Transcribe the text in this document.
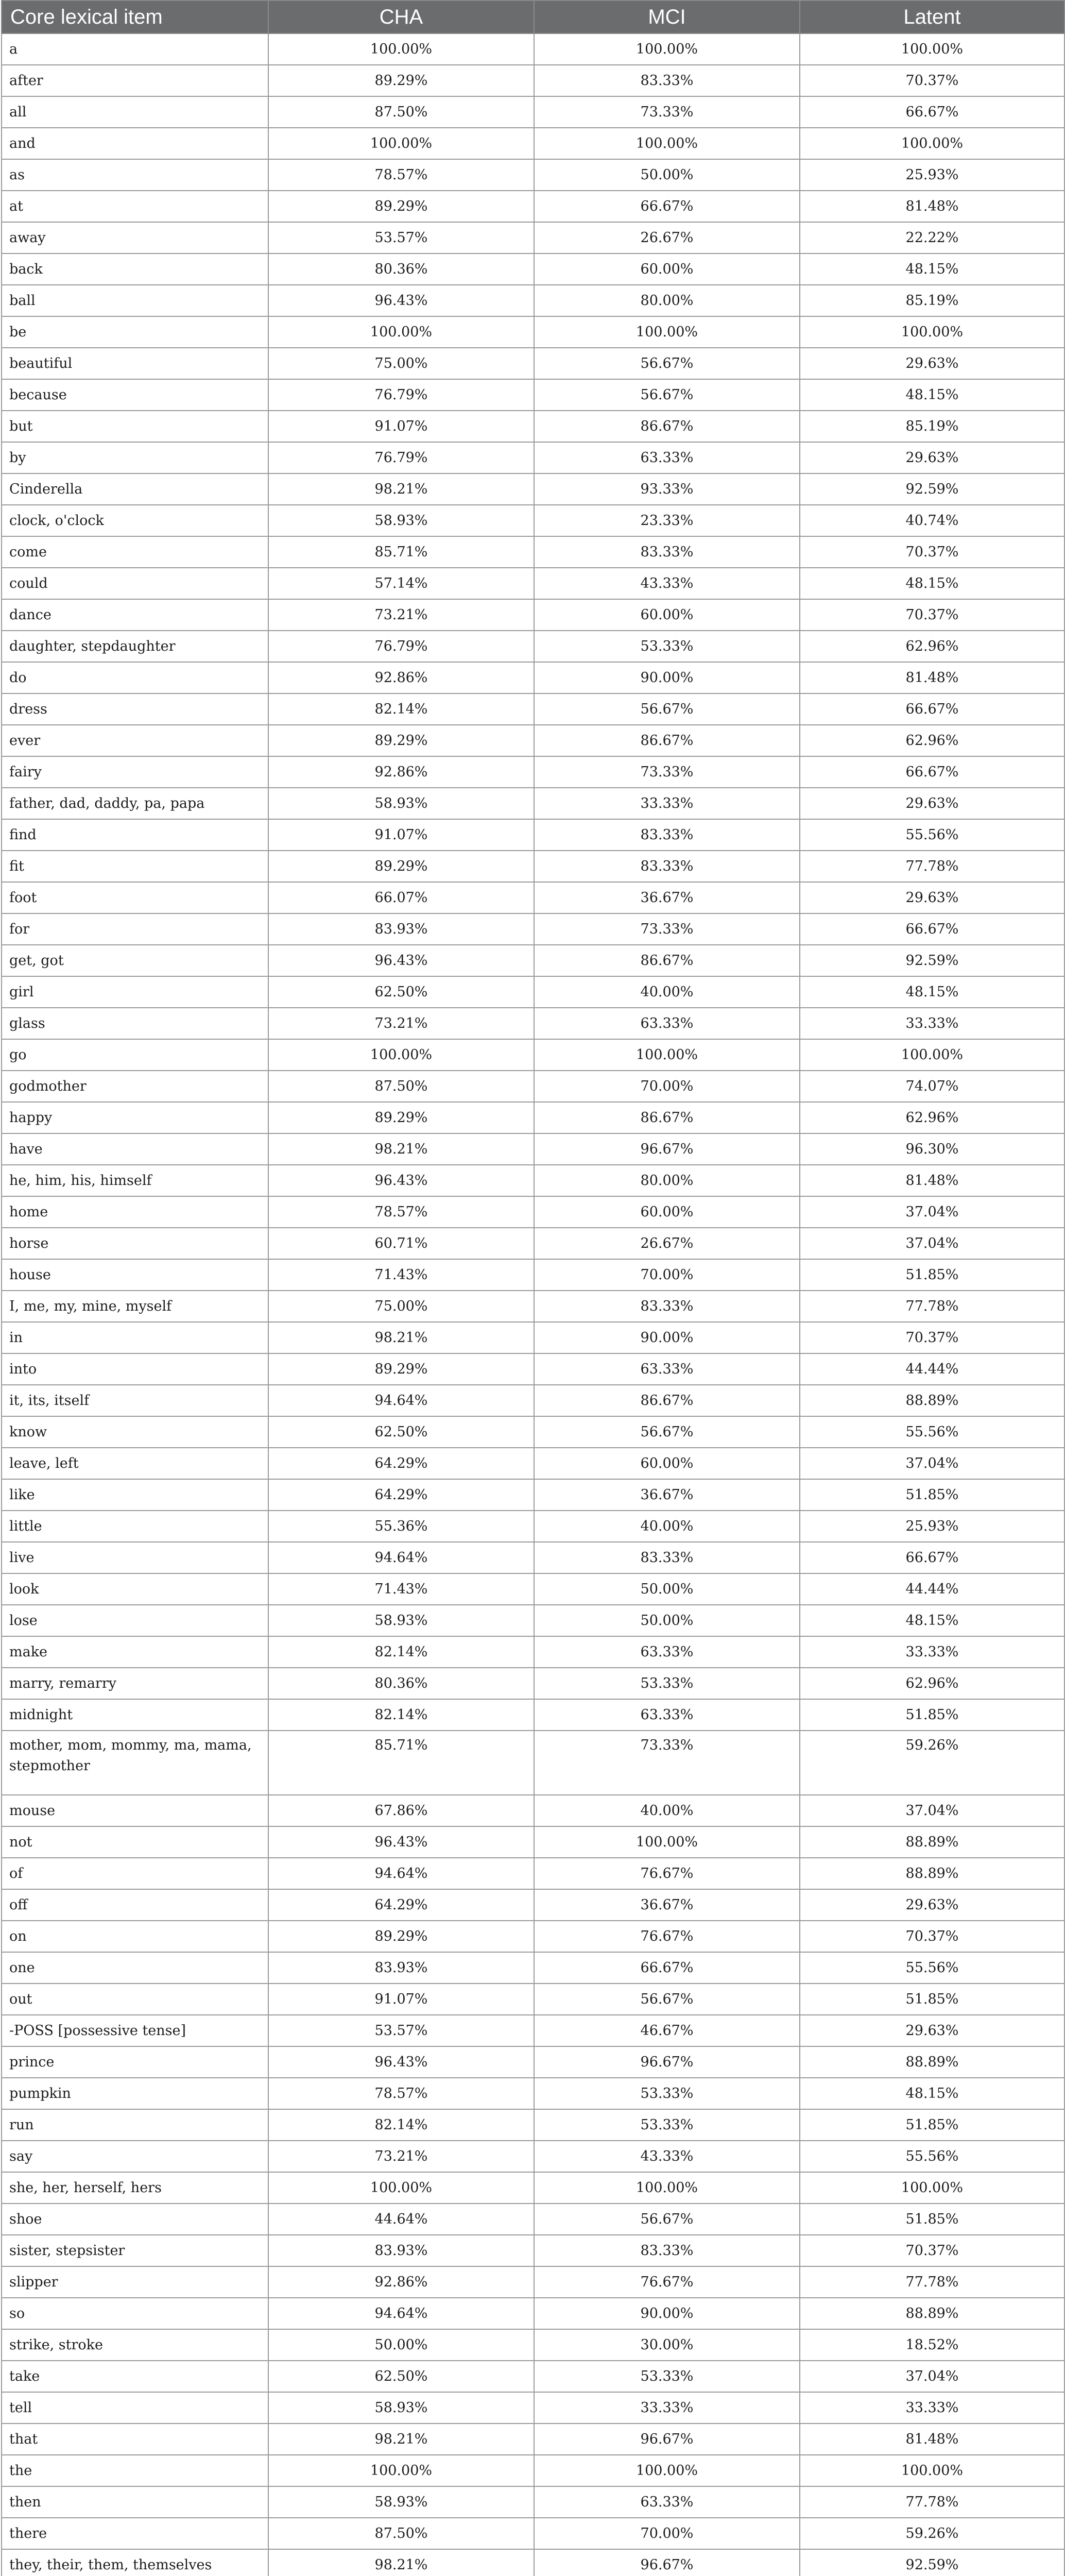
Core lexical item	CHA	MCI	Latent
a	100.00%	100.00%	100.00%
after	89.29%	83.33%	70.37%
all	87.50%	73.33%	66.67%
and	100.00%	100.00%	100.00%
as	78.57%	50.00%	25.93%
at	89.29%	66.67%	81.48%
away	53.57%	26.67%	22.22%
back	80.36%	60.00%	48.15%
ball	96.43%	80.00%	85.19%
be	100.00%	100.00%	100.00%
beautiful	75.00%	56.67%	29.63%
because	76.79%	56.67%	48.15%
but	91.07%	86.67%	85.19%
by	76.79%	63.33%	29.63%
Cinderella	98.21%	93.33%	92.59%
clock, o'clock	58.93%	23.33%	40.74%
come	85.71%	83.33%	70.37%
could	57.14%	43.33%	48.15%
dance	73.21%	60.00%	70.37%
daughter, stepdaughter	76.79%	53.33%	62.96%
do	92.86%	90.00%	81.48%
dress	82.14%	56.67%	66.67%
ever	89.29%	86.67%	62.96%
fairy	92.86%	73.33%	66.67%
father, dad, daddy, pa, papa	58.93%	33.33%	29.63%
find	91.07%	83.33%	55.56%
fit	89.29%	83.33%	77.78%
foot	66.07%	36.67%	29.63%
for	83.93%	73.33%	66.67%
get, got	96.43%	86.67%	92.59%
girl	62.50%	40.00%	48.15%
glass	73.21%	63.33%	33.33%
go	100.00%	100.00%	100.00%
godmother	87.50%	70.00%	74.07%
happy	89.29%	86.67%	62.96%
have	98.21%	96.67%	96.30%
he, him, his, himself	96.43%	80.00%	81.48%
home	78.57%	60.00%	37.04%
horse	60.71%	26.67%	37.04%
house	71.43%	70.00%	51.85%
I, me, my, mine, myself	75.00%	83.33%	77.78%
in	98.21%	90.00%	70.37%
into	89.29%	63.33%	44.44%
it, its, itself	94.64%	86.67%	88.89%
know	62.50%	56.67%	55.56%
leave, left	64.29%	60.00%	37.04%
like	64.29%	36.67%	51.85%
little	55.36%	40.00%	25.93%
live	94.64%	83.33%	66.67%
look	71.43%	50.00%	44.44%
lose	58.93%	50.00%	48.15%
make	82.14%	63.33%	33.33%
marry, remarry	80.36%	53.33%	62.96%
midnight	82.14%	63.33%	51.85%
mother, mom, mommy, ma, mama, stepmother	85.71%	73.33%	59.26%
mouse	67.86%	40.00%	37.04%
not	96.43%	100.00%	88.89%
of	94.64%	76.67%	88.89%
off	64.29%	36.67%	29.63%
on	89.29%	76.67%	70.37%
one	83.93%	66.67%	55.56%
out	91.07%	56.67%	51.85%
-POSS [possessive tense]	53.57%	46.67%	29.63%
prince	96.43%	96.67%	88.89%
pumpkin	78.57%	53.33%	48.15%
run	82.14%	53.33%	51.85%
say	73.21%	43.33%	55.56%
she, her, herself, hers	100.00%	100.00%	100.00%
shoe	44.64%	56.67%	51.85%
sister, stepsister	83.93%	83.33%	70.37%
slipper	92.86%	76.67%	77.78%
so	94.64%	90.00%	88.89%
strike, stroke	50.00%	30.00%	18.52%
take	62.50%	53.33%	37.04%
tell	58.93%	33.33%	33.33%
that	98.21%	96.67%	81.48%
the	100.00%	100.00%	100.00%
then	58.93%	63.33%	77.78%
there	87.50%	70.00%	59.26%
they, their, them, themselves	98.21%	96.67%	92.59%
